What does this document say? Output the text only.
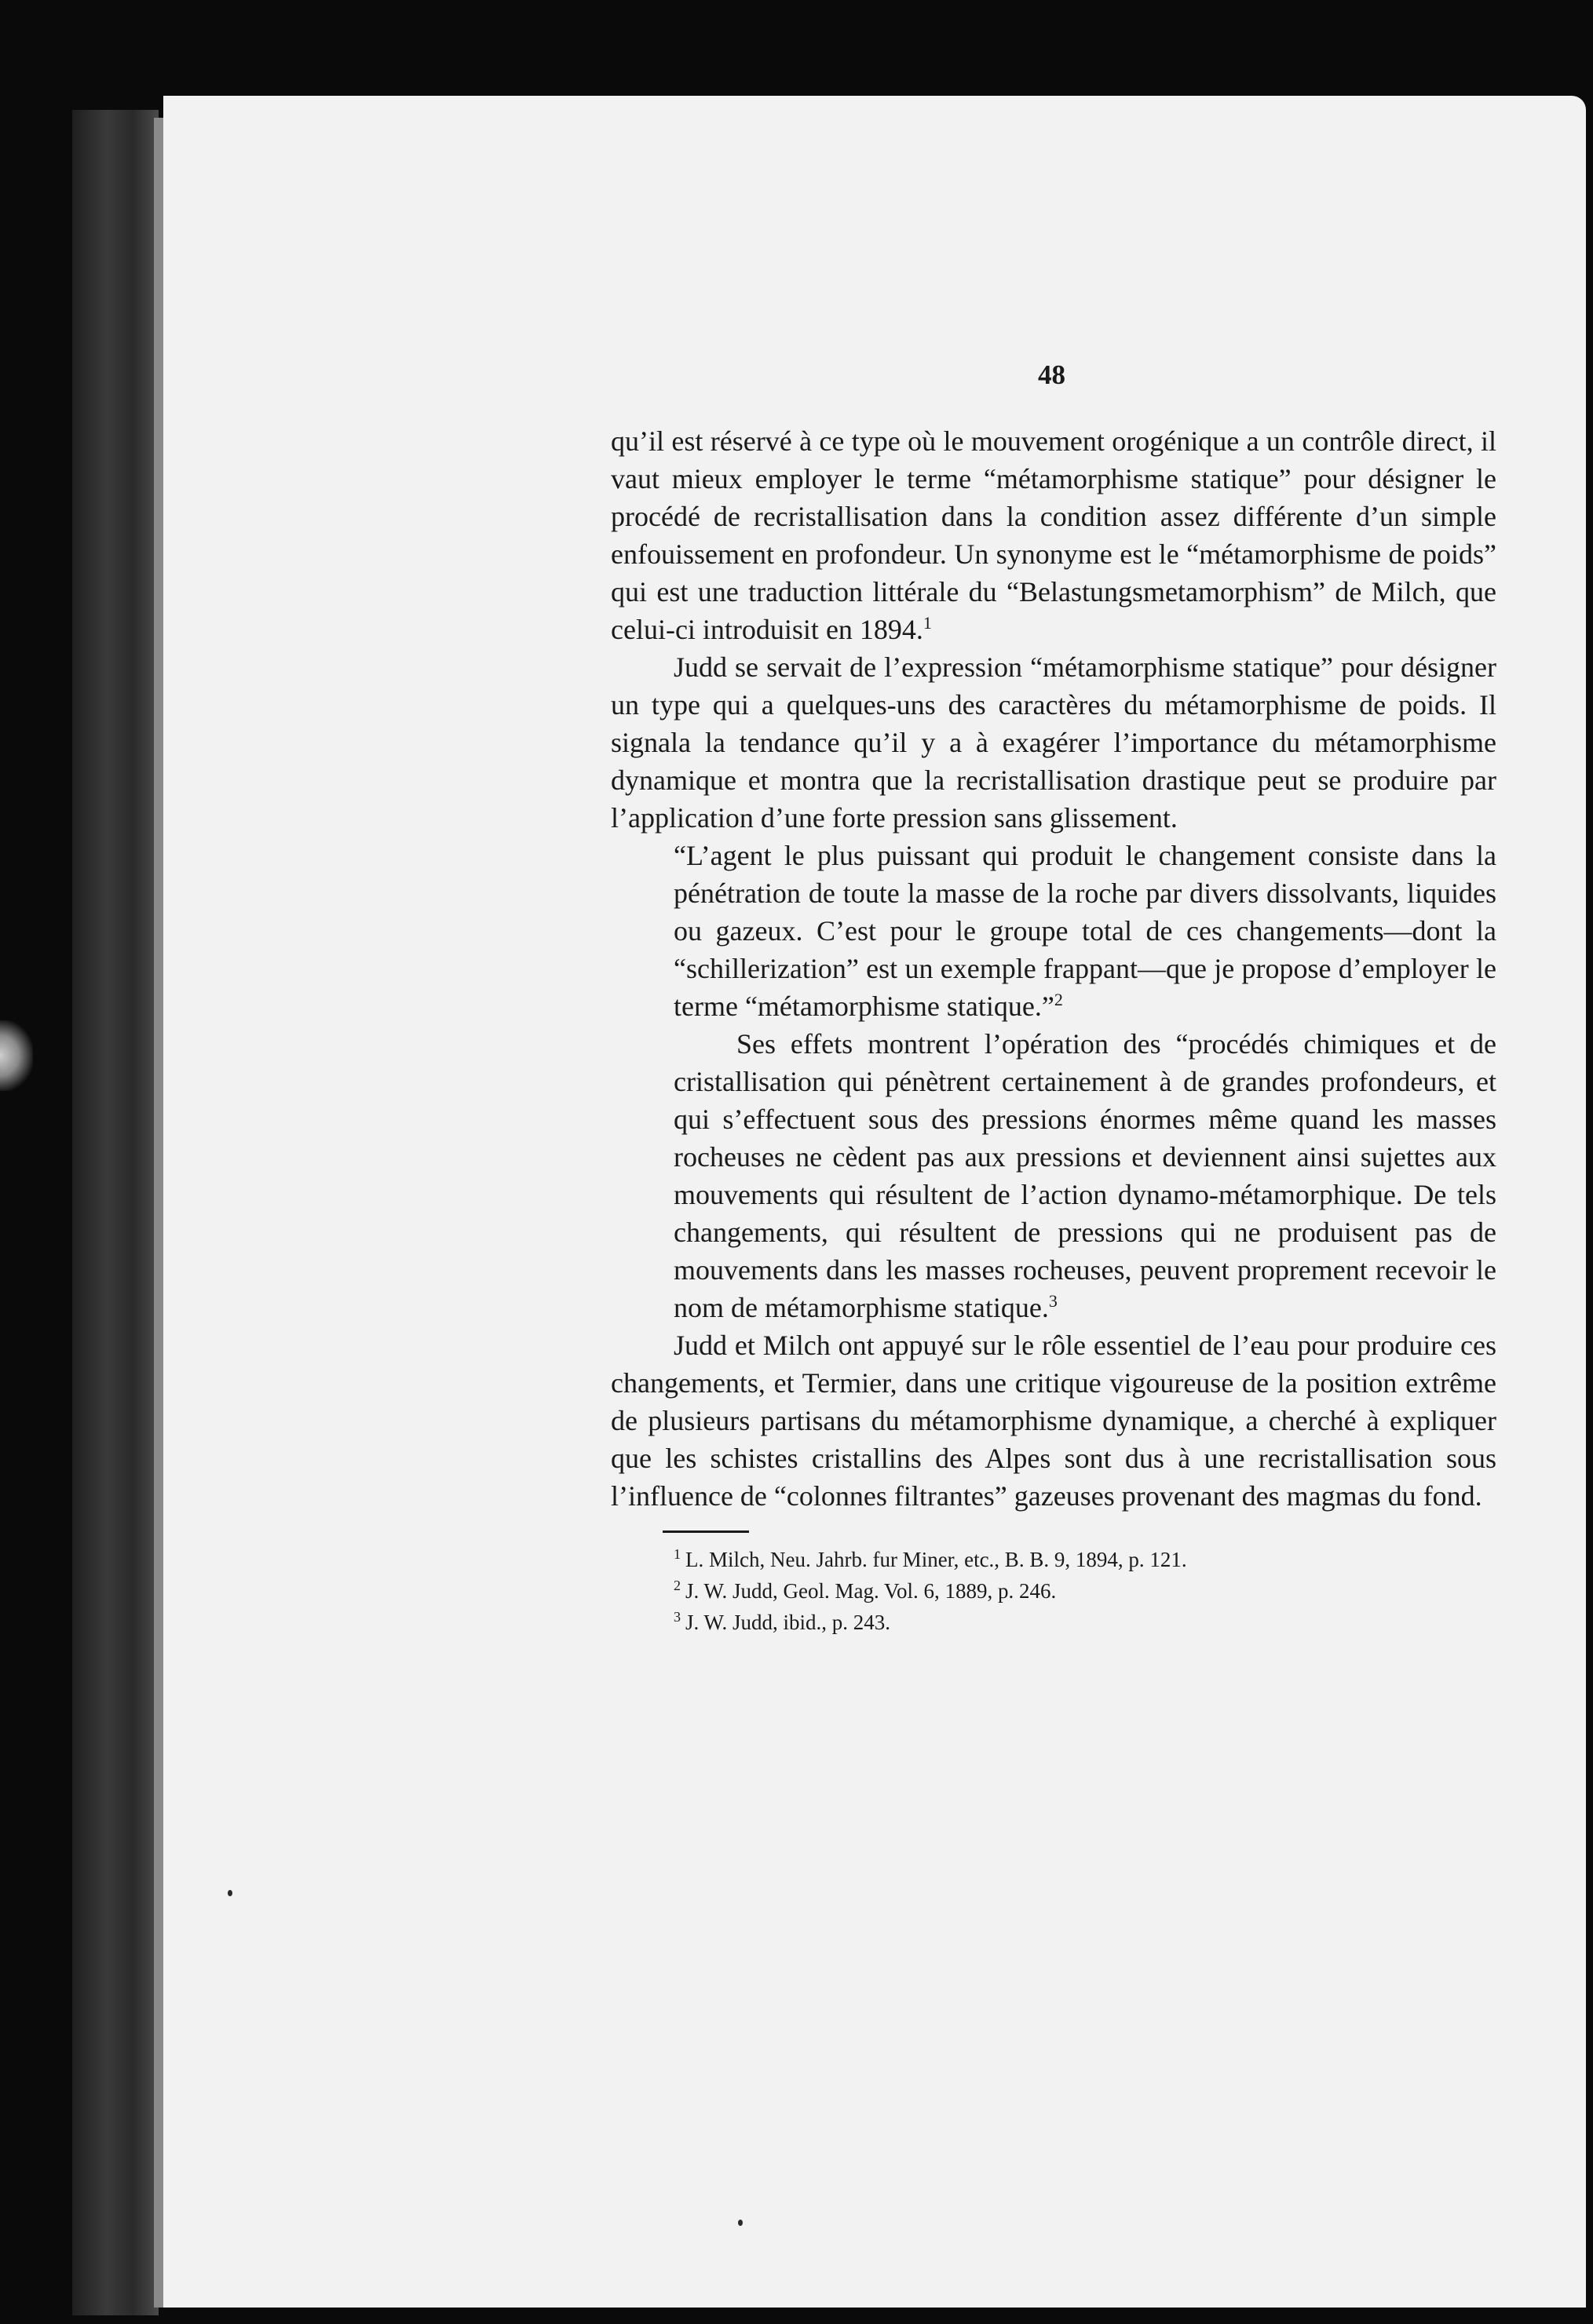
48

qu’il est réservé à ce type où le mouvement orogénique a un contrôle direct, il vaut mieux employer le terme “métamorphisme statique” pour désigner le procédé de recristallisation dans la condition assez différente d’un simple enfouissement en profondeur. Un synonyme est le “métamorphisme de poids” qui est une traduction littérale du “Belastungsmetamorphism” de Milch, que celui-ci introduisit en 1894.$^1$

Judd se servait de l’expression “métamorphisme statique” pour désigner un type qui a quelques-uns des caractères du métamorphisme de poids. Il signala la tendance qu’il y a à exagérer l’importance du métamorphisme dynamique et montra que la recristallisation drastique peut se produire par l’application d’une forte pression sans glissement.

“L’agent le plus puissant qui produit le changement consiste dans la pénétration de toute la masse de la roche par divers dissolvants, liquides ou gazeux. C’est pour le groupe total de ces changements—dont la “schillerization” est un exemple frappant—que je propose d’employer le terme “métamorphisme statique.”$^2$

Ses effets montrent l’opération des “procédés chimiques et de cristallisation qui pénètrent certainement à de grandes profondeurs, et qui s’effectuent sous des pressions énormes même quand les masses rocheuses ne cèdent pas aux pressions et deviennent ainsi sujettes aux mouvements qui résultent de l’action dynamo-métamorphique. De tels changements, qui résultent de pressions qui ne produisent pas de mouvements dans les masses rocheuses, peuvent proprement recevoir le nom de métamorphisme statique.$^3$

Judd et Milch ont appuyé sur le rôle essentiel de l’eau pour produire ces changements, et Termier, dans une critique vigoureuse de la position extrême de plusieurs partisans du métamorphisme dynamique, a cherché à expliquer que les schistes cristallins des Alpes sont dus à une recristallisation sous l’influence de “colonnes filtrantes” gazeuses provenant des magmas du fond.

$^1$ L. Milch, Neu. Jahrb. fur Miner, etc., B. B. 9, 1894, p. 121.

$^2$ J. W. Judd, Geol. Mag. Vol. 6, 1889, p. 246.

$^3$ J. W. Judd, ibid., p. 243.
